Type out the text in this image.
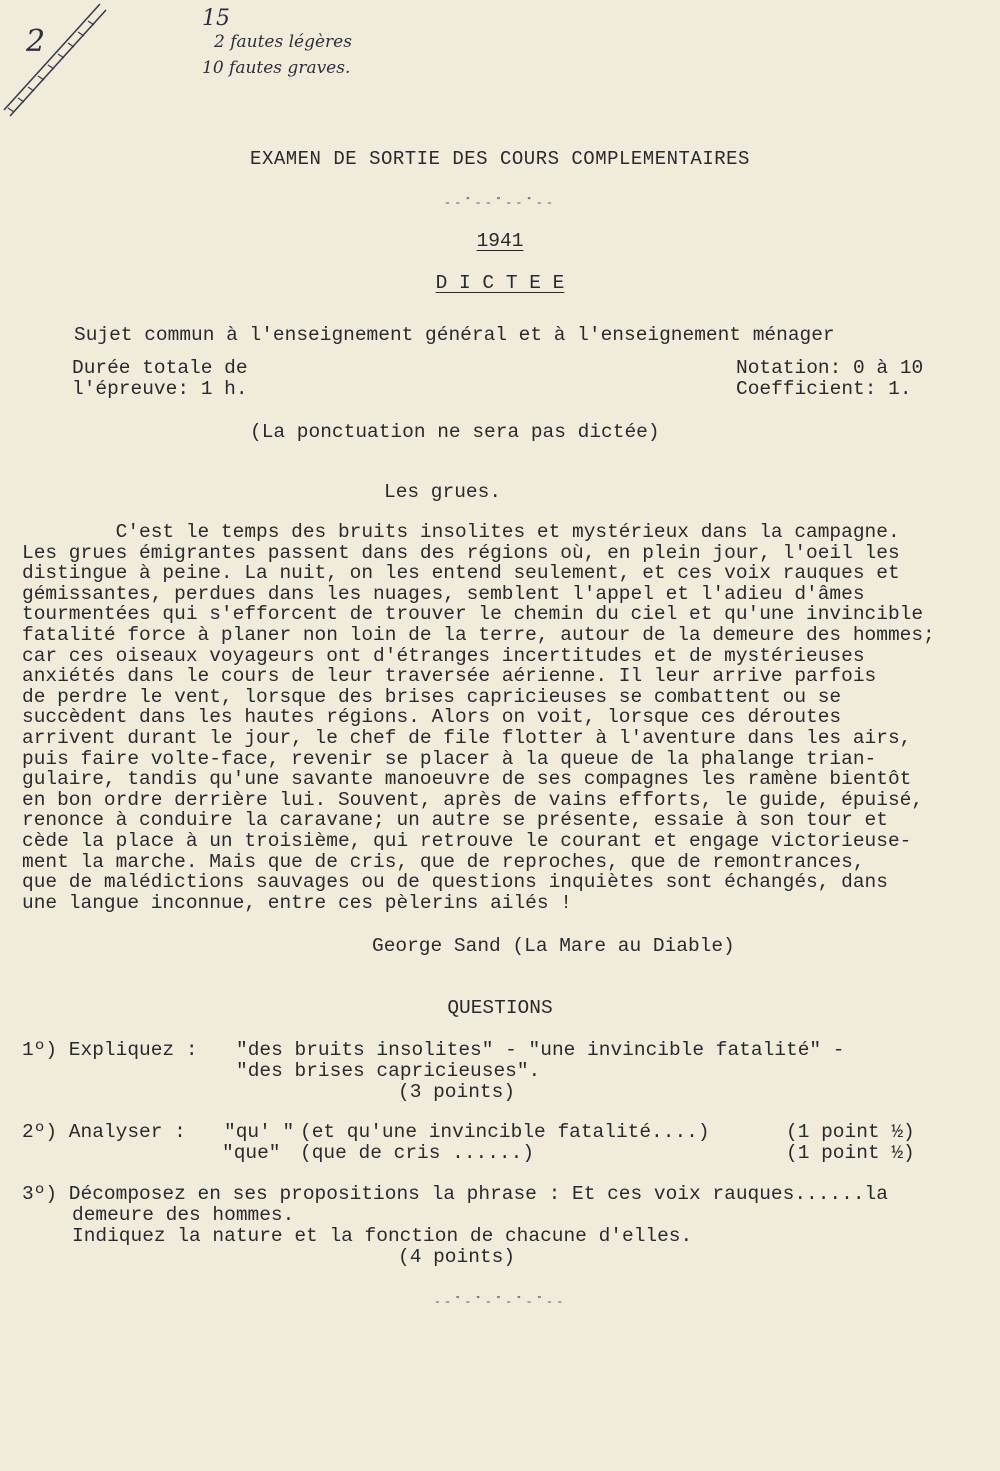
2
15
2 fautes légères
10 fautes graves.
EXAMEN DE SORTIE DES COURS COMPLEMENTAIRES
--˚--˚--˚--
1941
D I C T E E
Sujet commun à l'enseignement général et à l'enseignement ménager
Durée totale de
l'épreuve: 1 h.
Notation: 0 à 10
Coefficient: 1.
(La ponctuation ne sera pas dictée)
Les grues.
C'est le temps des bruits insolites et mystérieux dans la campagne.
Les grues émigrantes passent dans des régions où, en plein jour, l'oeil les
distingue à peine. La nuit, on les entend seulement, et ces voix rauques et
gémissantes, perdues dans les nuages, semblent l'appel et l'adieu d'âmes
tourmentées qui s'efforcent de trouver le chemin du ciel et qu'une invincible
fatalité force à planer non loin de la terre, autour de la demeure des hommes;
car ces oiseaux voyageurs ont d'étranges incertitudes et de mystérieuses
anxiétés dans le cours de leur traversée aérienne. Il leur arrive parfois
de perdre le vent, lorsque des brises capricieuses se combattent ou se
succèdent dans les hautes régions. Alors on voit, lorsque ces déroutes
arrivent durant le jour, le chef de file flotter à l'aventure dans les airs,
puis faire volte-face, revenir se placer à la queue de la phalange trian-
gulaire, tandis qu'une savante manoeuvre de ses compagnes les ramène bientôt
en bon ordre derrière lui. Souvent, après de vains efforts, le guide, épuisé,
renonce à conduire la caravane; un autre se présente, essaie à son tour et
cède la place à un troisième, qui retrouve le courant et engage victorieuse-
ment la marche. Mais que de cris, que de reproches, que de remontrances,
que de malédictions sauvages ou de questions inquiètes sont échangés, dans
une langue inconnue, entre ces pèlerins ailés !
George Sand (La Mare au Diable)
QUESTIONS
1º) Expliquez : "des bruits insolites" - "une invincible fatalité" -
"des brises capricieuses".
(3 points)
2º) Analyser : "qu' " (et qu'une invincible fatalité....)	(1 point ½)
"que" (que de cris ......)	(1 point ½)
3º) Décomposez en ses propositions la phrase : Et ces voix rauques......la
demeure des hommes.
Indiquez la nature et la fonction de chacune d'elles.
(4 points)
--˚-˚-˚-˚-˚--
